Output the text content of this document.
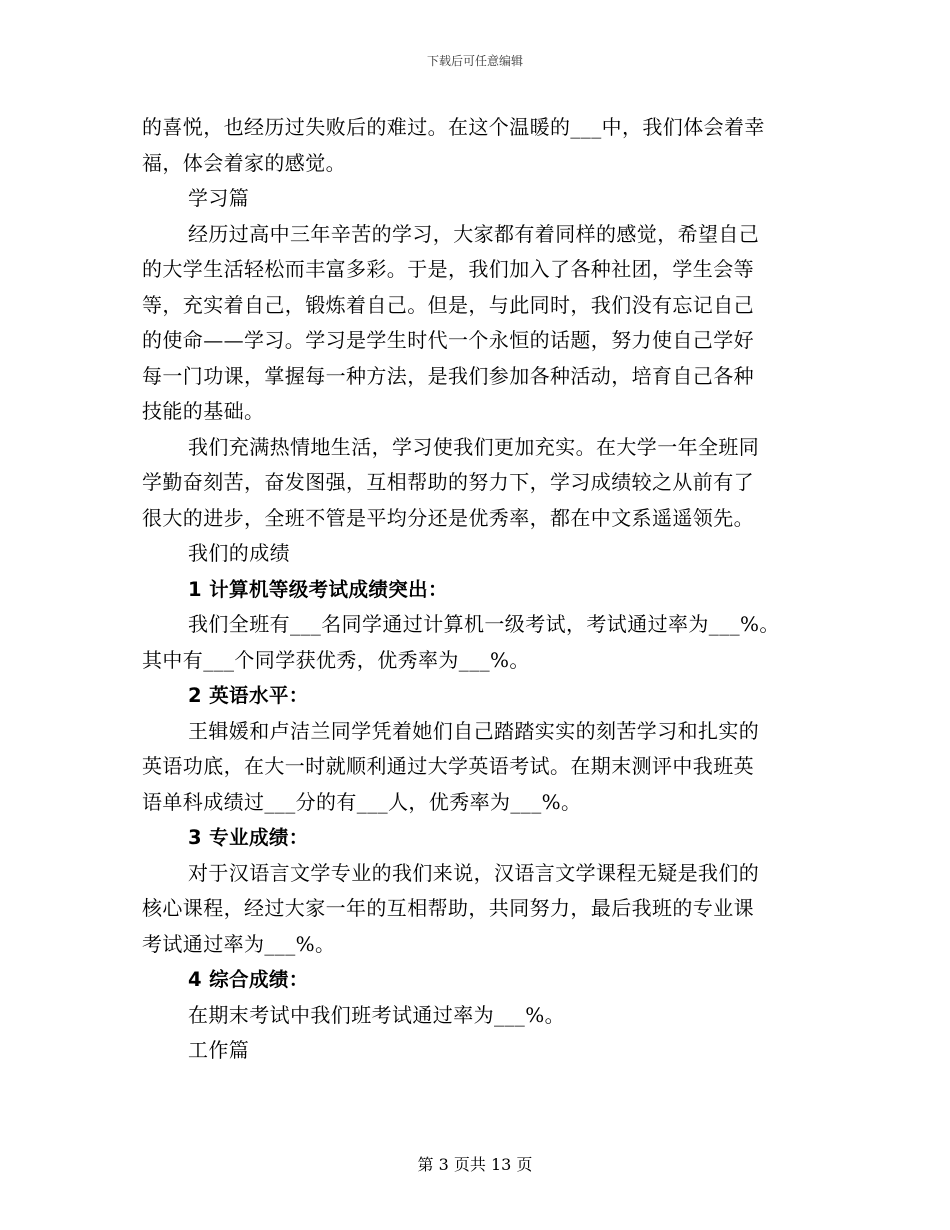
下载后可任意编辑
的喜悦，也经历过失败后的难过。在这个温暖的___中，我们体会着幸
福，体会着家的感觉。
学习篇
经历过高中三年辛苦的学习，大家都有着同样的感觉，希望自己
的大学生活轻松而丰富多彩。于是，我们加入了各种社团，学生会等
等，充实着自己，锻炼着自己。但是，与此同时，我们没有忘记自己
的使命——学习。学习是学生时代一个永恒的话题，努力使自己学好
每一门功课，掌握每一种方法，是我们参加各种活动，培育自己各种
技能的基础。
我们充满热情地生活，学习使我们更加充实。在大学一年全班同
学勤奋刻苦，奋发图强，互相帮助的努力下，学习成绩较之从前有了
很大的进步，全班不管是平均分还是优秀率，都在中文系遥遥领先。
我们的成绩
1 计算机等级考试成绩突出：
我们全班有___名同学通过计算机一级考试，考试通过率为___%。
其中有___个同学获优秀，优秀率为___%。
2 英语水平：
王辑媛和卢洁兰同学凭着她们自己踏踏实实的刻苦学习和扎实的
英语功底，在大一时就顺利通过大学英语考试。在期末测评中我班英
语单科成绩过___分的有___人，优秀率为___%。
3 专业成绩：
对于汉语言文学专业的我们来说，汉语言文学课程无疑是我们的
核心课程，经过大家一年的互相帮助，共同努力，最后我班的专业课
考试通过率为___%。
4 综合成绩：
在期末考试中我们班考试通过率为___%。
工作篇
第 3 页共 13 页
